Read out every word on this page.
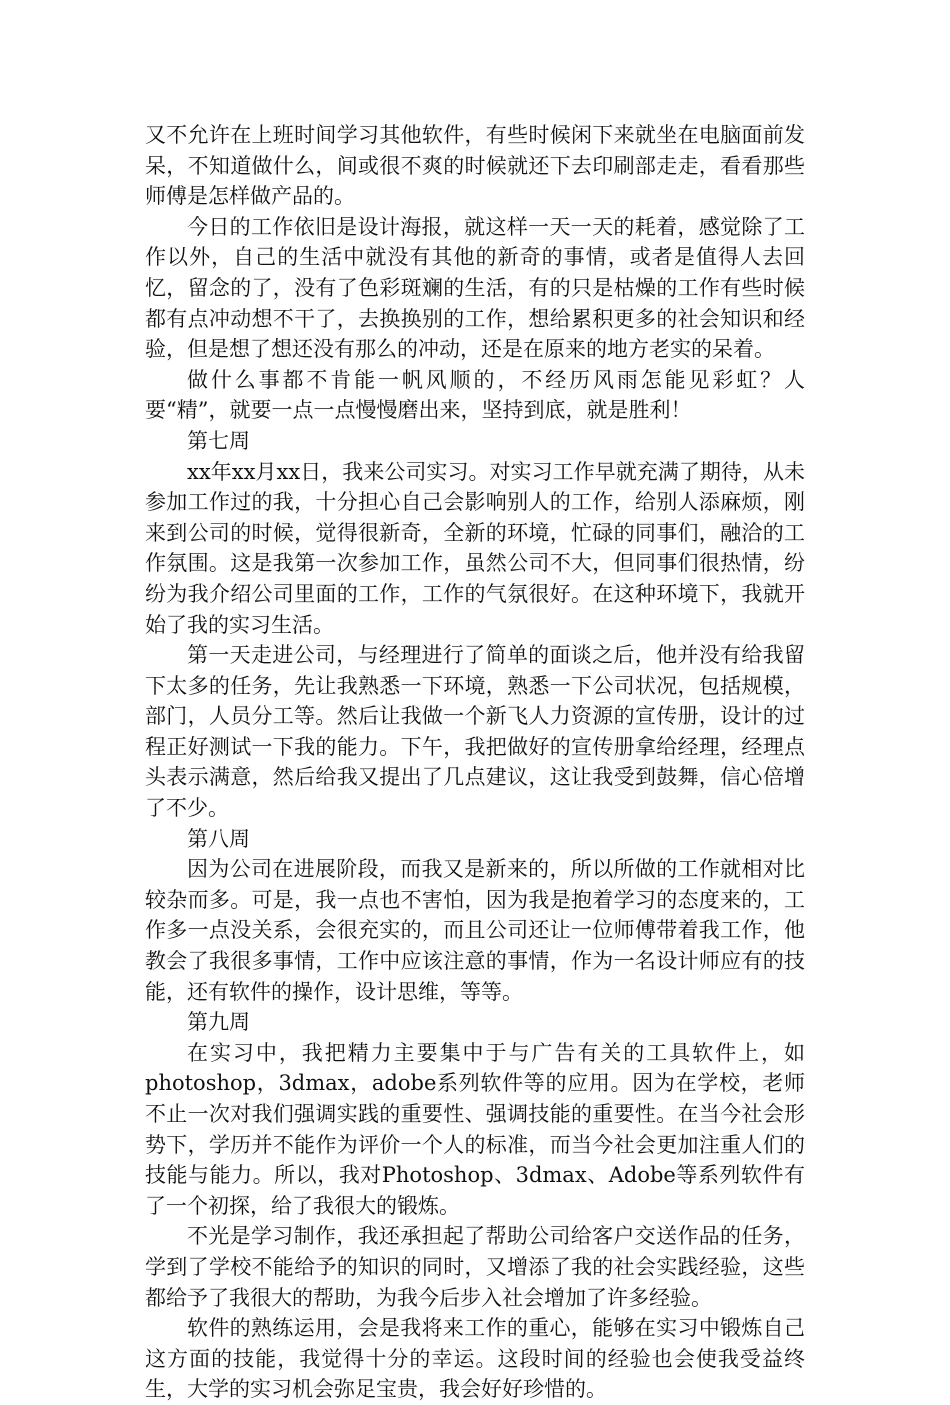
又不允许在上班时间学习其他软件，有些时候闲下来就坐在电脑面前发呆，不知道做什么，间或很不爽的时候就还下去印刷部走走，看看那些师傅是怎样做产品的。

今日的工作依旧是设计海报，就这样一天一天的耗着，感觉除了工作以外，自己的生活中就没有其他的新奇的事情，或者是值得人去回忆，留念的了，没有了色彩斑斓的生活，有的只是枯燥的工作有些时候都有点冲动想不干了，去换换别的工作，想给累积更多的社会知识和经验，但是想了想还没有那么的冲动，还是在原来的地方老实的呆着。

做什么事都不肯能一帆风顺的，不经历风雨怎能见彩虹？人要“精”，就要一点一点慢慢磨出来，坚持到底，就是胜利！

第七周

xx年xx月xx日，我来公司实习。对实习工作早就充满了期待，从未参加工作过的我，十分担心自己会影响别人的工作，给别人添麻烦，刚来到公司的时候，觉得很新奇，全新的环境，忙碌的同事们，融洽的工作氛围。这是我第一次参加工作，虽然公司不大，但同事们很热情，纷纷为我介绍公司里面的工作，工作的气氛很好。在这种环境下，我就开始了我的实习生活。

第一天走进公司，与经理进行了简单的面谈之后，他并没有给我留下太多的任务，先让我熟悉一下环境，熟悉一下公司状况，包括规模，部门，人员分工等。然后让我做一个新飞人力资源的宣传册，设计的过程正好测试一下我的能力。下午，我把做好的宣传册拿给经理，经理点头表示满意，然后给我又提出了几点建议，这让我受到鼓舞，信心倍增了不少。

第八周

因为公司在进展阶段，而我又是新来的，所以所做的工作就相对比较杂而多。可是，我一点也不害怕，因为我是抱着学习的态度来的，工作多一点没关系，会很充实的，而且公司还让一位师傅带着我工作，他教会了我很多事情，工作中应该注意的事情，作为一名设计师应有的技能，还有软件的操作，设计思维，等等。

第九周

在实习中，我把精力主要集中于与广告有关的工具软件上，如photoshop，3dmax，adobe系列软件等的应用。因为在学校，老师不止一次对我们强调实践的重要性、强调技能的重要性。在当今社会形势下，学历并不能作为评价一个人的标准，而当今社会更加注重人们的技能与能力。所以，我对Photoshop、3dmax、Adobe等系列软件有了一个初探，给了我很大的锻炼。

不光是学习制作，我还承担起了帮助公司给客户交送作品的任务，学到了学校不能给予的知识的同时，又增添了我的社会实践经验，这些都给予了我很大的帮助，为我今后步入社会增加了许多经验。

软件的熟练运用，会是我将来工作的重心，能够在实习中锻炼自己这方面的技能，我觉得十分的幸运。这段时间的经验也会使我受益终生，大学的实习机会弥足宝贵，我会好好珍惜的。
